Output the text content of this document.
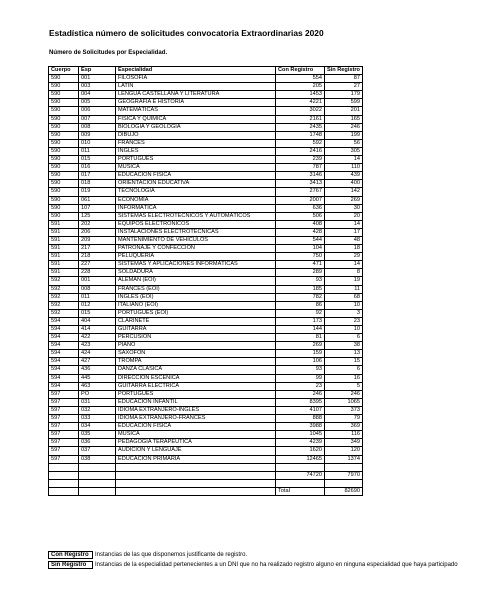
Estadística número de solicitudes convocatoria Extraordinarias 2020
Número de Solicitudes por Especialidad.
Cuerpo	Esp	Especialidad	Con Registro	Sin Registro
590	001	FILOSOFÍA	554	87
590	003	LATÍN	205	27
590	004	LENGUA CASTELLANA Y LITERATURA	1453	179
590	005	GEOGRAFÍA E HISTORIA	4221	599
590	006	MATEMÁTICAS	3022	201
590	007	FÍSICA Y QUÍMICA	2161	165
590	008	BIOLOGÍA Y GEOLOGÍA	2435	246
590	009	DIBUJO	1748	199
590	010	FRANCÉS	592	56
590	011	INGLÉS	2416	305
590	015	PORTUGUÉS	239	14
590	016	MÚSICA	787	110
590	017	EDUCACIÓN FÍSICA	3146	439
590	018	ORIENTACIÓN EDUCATIVA	3413	400
590	019	TECNOLOGÍA	2767	142
590	061	ECONOMÍA	2007	269
590	107	INFORMÁTICA	636	30
590	125	SISTEMAS ELECTROTÉCNICOS Y AUTOMÁTICOS	506	20
591	202	EQUIPOS ELECTRÓNICOS	408	14
591	206	INSTALACIONES ELECTROTÉCNICAS	428	17
591	209	MANTENIMIENTO DE VEHÍCULOS	544	48
591	217	PATRONAJE Y CONFECCIÓN	104	18
591	218	PELUQUERÍA	750	29
591	227	SISTEMAS Y APLICACIONES INFORMÁTICAS	471	14
591	228	SOLDADURA	289	8
592	001	ALEMÁN (EOI)	93	19
592	008	FRANCÉS (EOI)	185	11
592	011	INGLÉS (EOI)	782	68
592	012	ITALIANO (EOI)	86	10
592	015	PORTUGUÉS (EOI)	92	3
594	404	CLARINETE	173	23
594	414	GUITARRA	144	10
594	422	PERCUSIÓN	81	6
594	423	PIANO	269	38
594	424	SAXOFÓN	159	13
594	427	TROMPA	106	15
594	436	DANZA CLÁSICA	93	6
594	445	DIRECCIÓN ESCÉNICA	99	16
594	463	GUITARRA ELÉCTRICA	23	5
597	PO	PORTUGUÉS	246	246
597	031	EDUCACIÓN INFANTIL	8395	1065
597	032	IDIOMA EXTRANJERO-INGLÉS	4107	373
597	033	IDIOMA EXTRANJERO-FRANCÉS	888	79
597	034	EDUCACIÓN FÍSICA	3988	369
597	035	MÚSICA	1045	116
597	036	PEDAGOGÍA TERAPÉUTICA	4239	349
597	037	AUDICIÓN Y LENGUAJE	1620	120
597	038	EDUCACIÓN PRIMARIA	12465	1374

			74720	7970

			Total	82690
Con Registro Instancias de las que disponemos justificante de registro.
Sin Registro Instancias de la especialidad pertenecientes a un DNI que no ha realizado registro alguno en ninguna especialidad que haya participado
